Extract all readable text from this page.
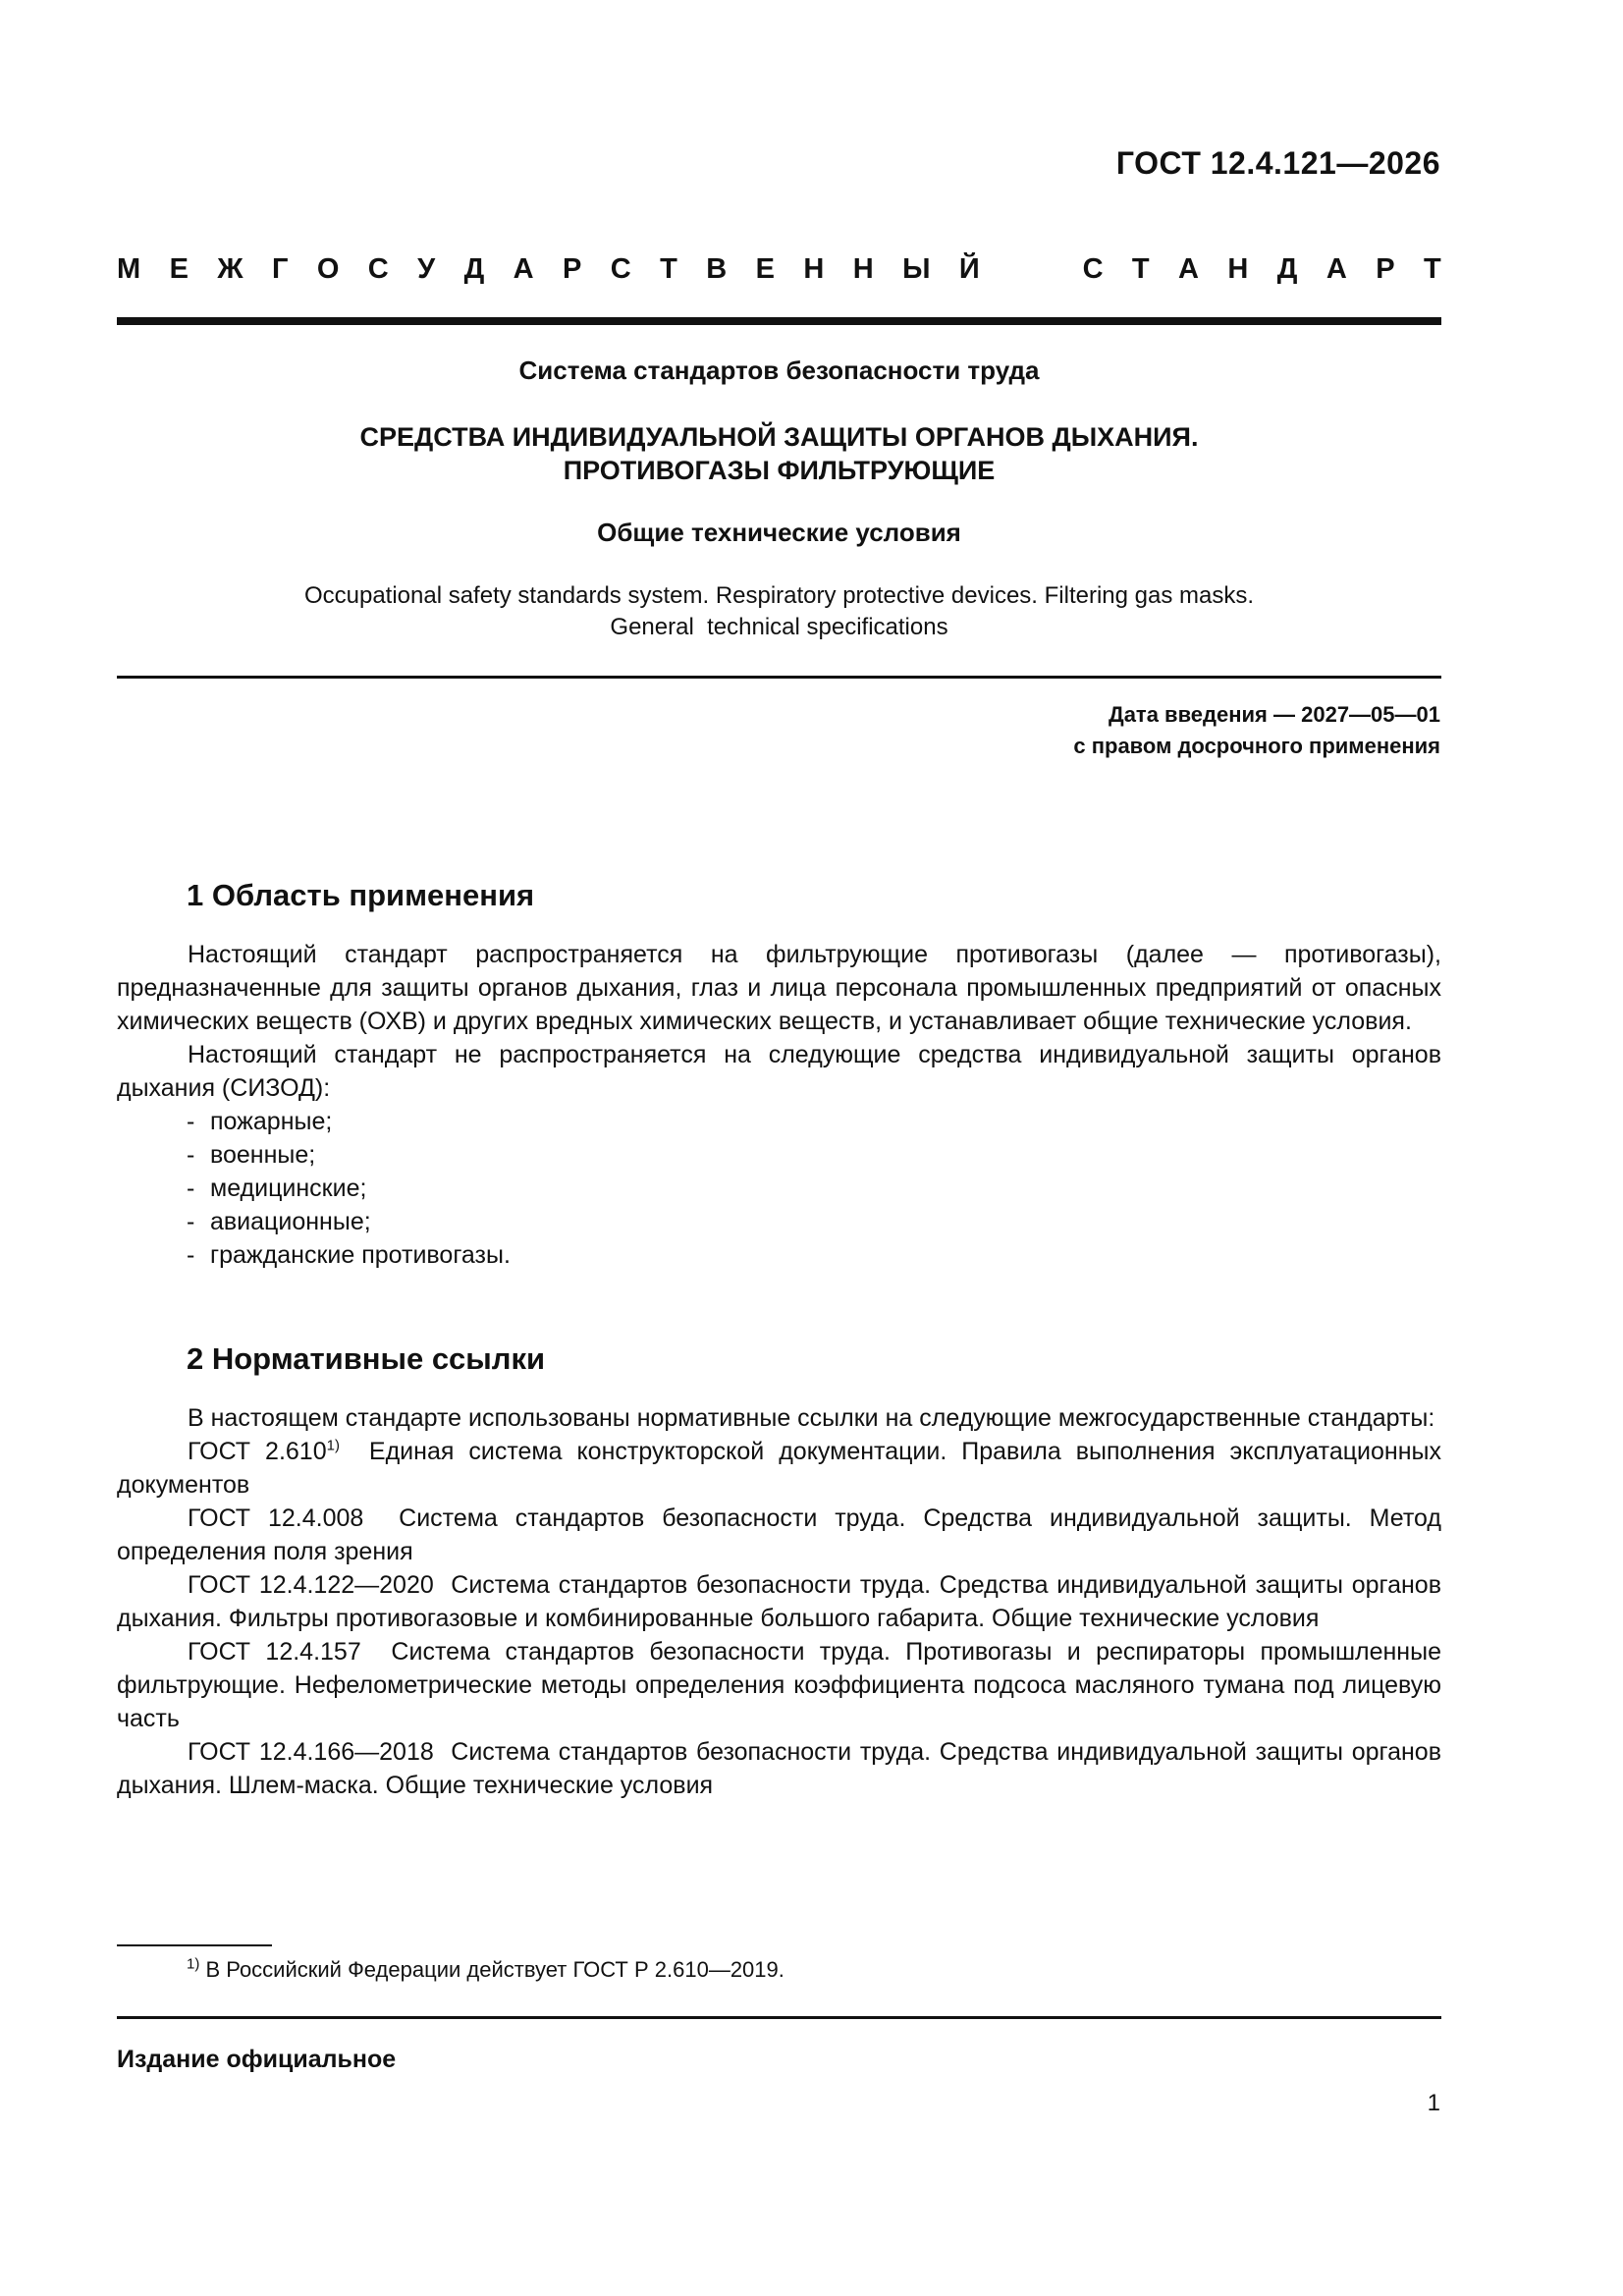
ГОСТ 12.4.121—2026
М Е Ж Г О С У Д А Р С Т В Е Н Н Ы Й	С Т А Н Д А Р Т
Система стандартов безопасности труда
СРЕДСТВА ИНДИВИДУАЛЬНОЙ ЗАЩИТЫ ОРГАНОВ ДЫХАНИЯ.
ПРОТИВОГАЗЫ ФИЛЬТРУЮЩИЕ
Общие технические условия
Occupational safety standards system. Respiratory protective devices. Filtering gas masks.
General  technical specifications
Дата введения — 2027—05—01
с правом досрочного применения
1 Область применения

Настоящий стандарт распространяется на фильтрующие противогазы (далее — противогазы), предназначенные для защиты органов дыхания, глаз и лица персонала промышленных предприятий от опасных химических веществ (ОХВ) и других вредных химических веществ, и устанавливает общие технические условия.

Настоящий стандарт не распространяется на следующие средства индивидуальной защиты органов дыхания (СИЗОД):

- пожарные;

- военные;

- медицинские;

- авиационные;

- гражданские противогазы.

2 Нормативные ссылки

В настоящем стандарте использованы нормативные ссылки на следующие межгосударственные стандарты:

ГОСТ 2.610$^{1)}$ Единая система конструкторской документации. Правила выполнения эксплуатационных документов

ГОСТ 12.4.008 Система стандартов безопасности труда. Средства индивидуальной защиты. Метод определения поля зрения

ГОСТ 12.4.122—2020 Система стандартов безопасности труда. Средства индивидуальной защиты органов дыхания. Фильтры противогазовые и комбинированные большого габарита. Общие технические условия

ГОСТ 12.4.157 Система стандартов безопасности труда. Противогазы и респираторы промышленные фильтрующие. Нефелометрические методы определения коэффициента подсоса масляного тумана под лицевую часть

ГОСТ 12.4.166—2018 Система стандартов безопасности труда. Средства индивидуальной защиты органов дыхания. Шлем-маска. Общие технические условия

$^{1)}$ В Российский Федерации действует ГОСТ Р 2.610—2019.
Издание официальное
1
